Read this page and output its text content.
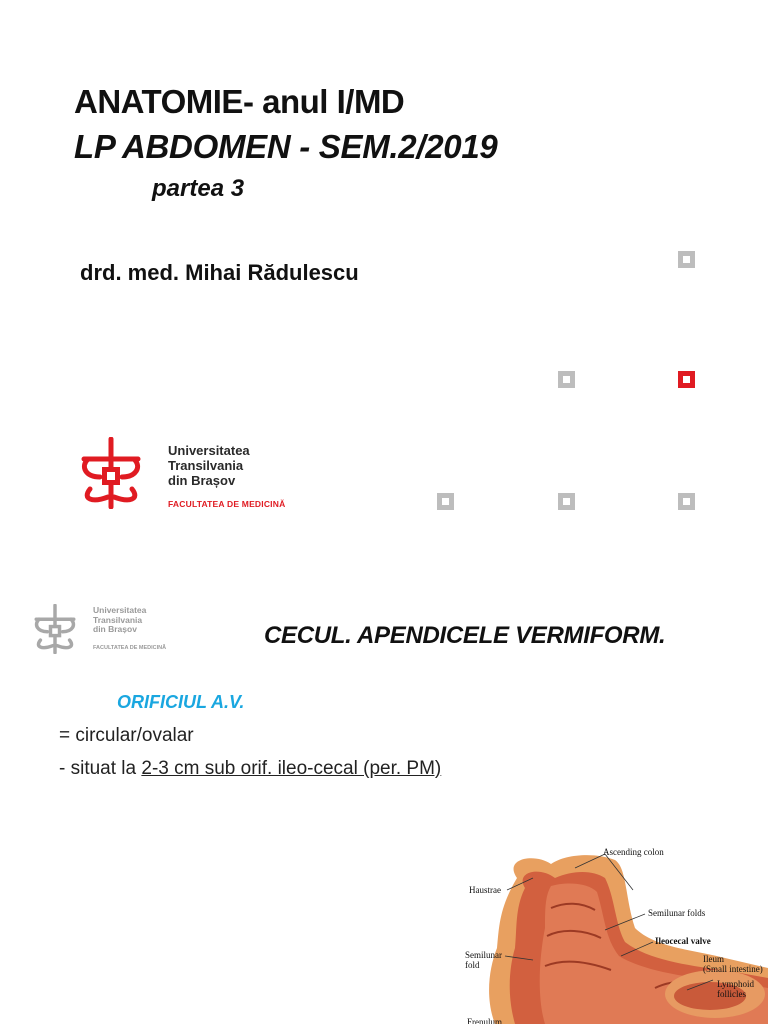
ANATOMIE- anul I/MD
LP ABDOMEN - SEM.2/2019
partea 3
drd. med. Mihai Rădulescu
Universitatea
Transilvania
din Brașov
FACULTATEA DE MEDICINĂ
Universitatea
Transilvania
din Brașov
FACULTATEA DE MEDICINĂ	CECUL. APENDICELE VERMIFORM.
ORIFICIUL A.V.
= circular/ovalar
- situat la 2-3 cm sub orif. ileo-cecal (per. PM)
Ascending colon
Haustrae
Semilunar folds
Ileocecal valve
Semilunar
fold
Ileum
(Small intestine)
Lymphoid
follicles
Frenulum
